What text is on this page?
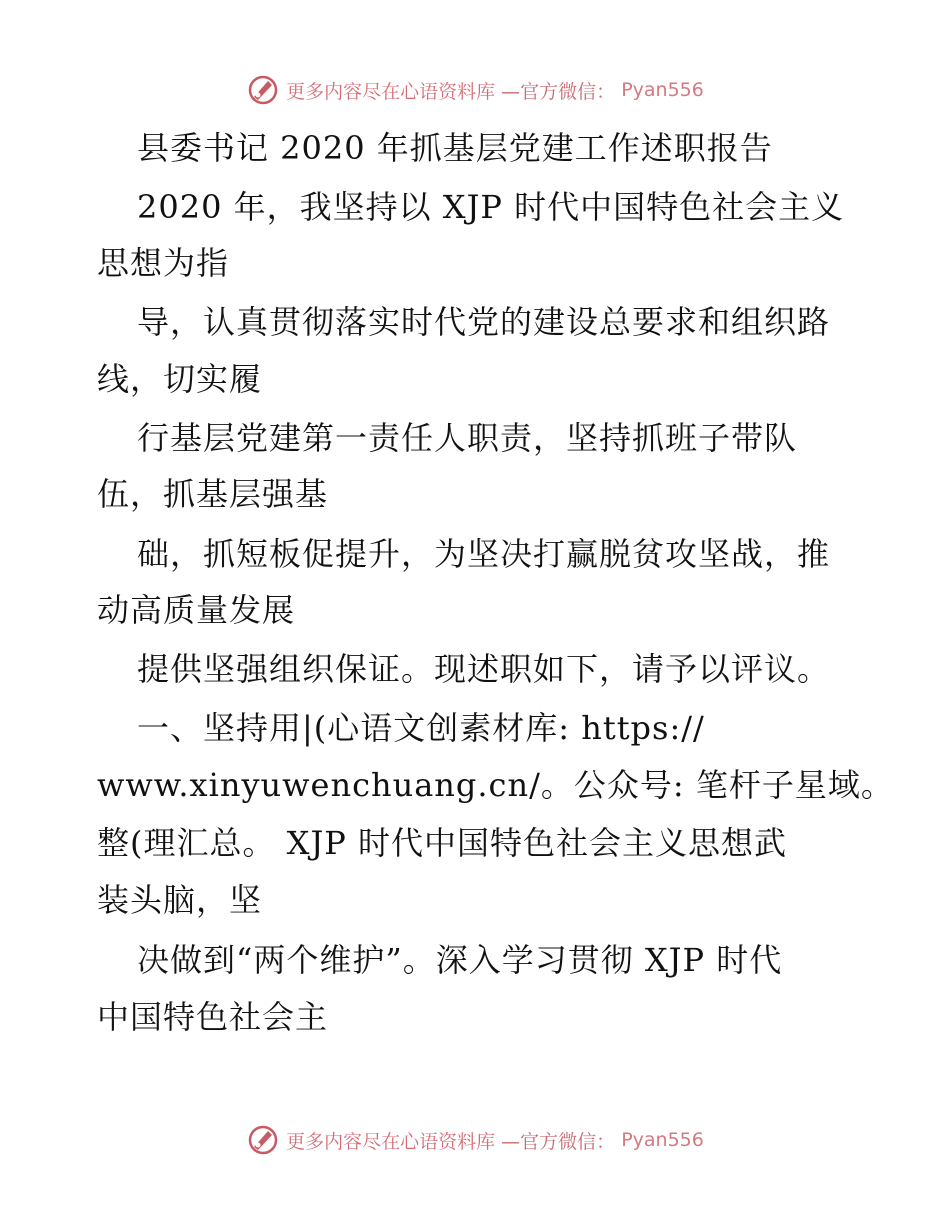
更多内容尽在心语资料库 —官方微信： Pyan556
县委书记 2020 年抓基层党建工作述职报告
2020 年，我坚持以 XJP 时代中国特色社会主义
思想为指
导，认真贯彻落实时代党的建设总要求和组织路
线，切实履
行基层党建第一责任人职责，坚持抓班子带队
伍，抓基层强基
础，抓短板促提升，为坚决打赢脱贫攻坚战，推
动高质量发展
提供坚强组织保证。现述职如下，请予以评议。
一、坚持用|(心语文创素材库: https://
www.xinyuwenchuang.cn/。公众号: 笔杆子星域。
整(理汇总。 XJP 时代中国特色社会主义思想武
装头脑，坚
决做到“两个维护”。深入学习贯彻 XJP 时代
中国特色社会主
更多内容尽在心语资料库 —官方微信： Pyan556
